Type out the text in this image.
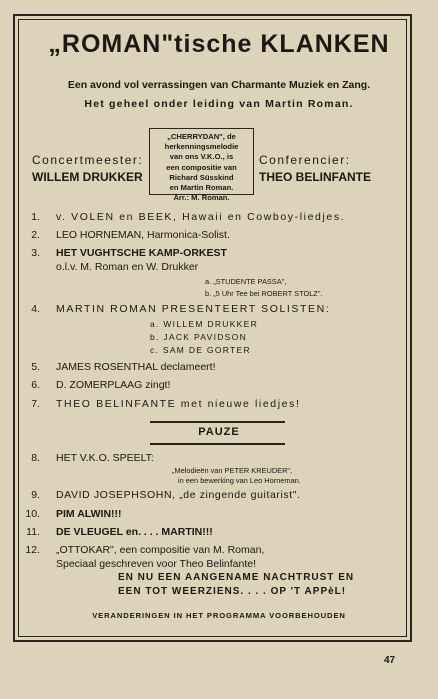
„ROMAN"tische KLANKEN
Een avond vol verrassingen van Charmante Muziek en Zang.
Het geheel onder leiding van Martin Roman.
„CHERRYDAN", de
herkenningsmelodie
van ons V.K.O., is
een compositie van
Richard Süsskind
en Martin Roman.
Arr.: M. Roman.
Concertmeester:
WILLEM DRUKKER
Conferencier:
THEO BELINFANTE
1. v. VOLEN en BEEK, Hawaii en Cowboy-liedjes.
2. LEO HORNEMAN, Harmonica-Solist.
3. HET VUGHTSCHE KAMP-ORKEST
o.l.v. M. Roman en W. Drukker
a. „STUDENTE PASSA",
b. „5 Uhr Tee bei ROBERT STOLZ".
4. MARTIN ROMAN PRESENTEERT SOLISTEN:
a. WILLEM DRUKKER
b. JACK PAVIDSON
c. SAM DE GORTER
5. JAMES ROSENTHAL declameert!
6. D. ZOMERPLAAG zingt!
7. THEO BELINFANTE met nieuwe liedjes!
PAUZE
8. HET V.K.O. SPEELT:
„Melodieën van PETER KREUDER",
in een bewerking van Leo Horneman.
9. DAVID JOSEPHSOHN, „de zingende guitarist".
10. PIM ALWIN!!!
11. DE VLEUGEL en. . . . MARTIN!!!
12. „OTTOKAR", een compositie van M. Roman,
Speciaal geschreven voor Theo Belinfante!
EN NU EEN AANGENAME NACHTRUST EN
EEN TOT WEERZIENS. . . . OP 'T APPèL!
VERANDERINGEN IN HET PROGRAMMA VOORBEHOUDEN
47
